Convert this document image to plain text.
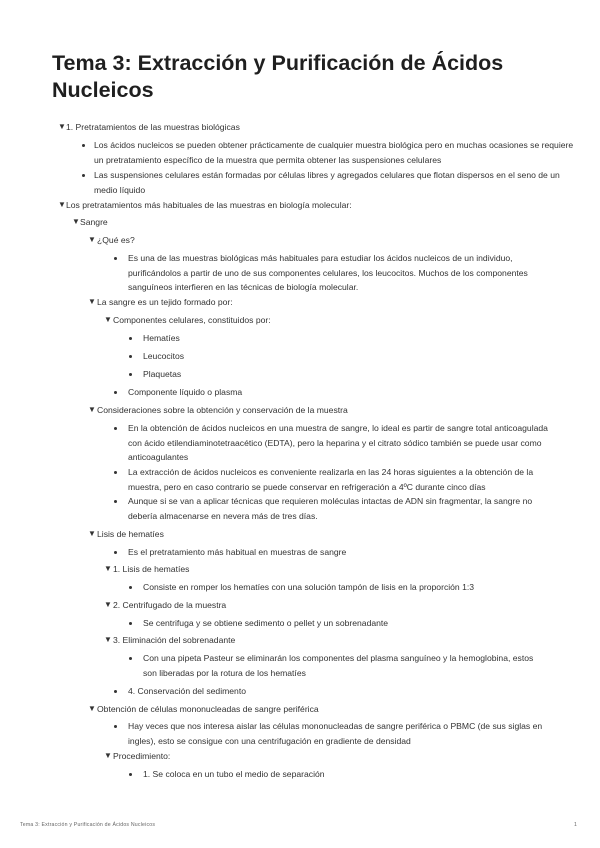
Tema 3: Extracción y Purificación de Ácidos Nucleicos
▼ 1. Pretratamientos de las muestras biológicas
Los ácidos nucleicos se pueden obtener prácticamente de cualquier muestra biológica pero en muchas ocasiones se requiere un pretratamiento específico de la muestra que permita obtener las suspensiones celulares
Las suspensiones celulares están formadas por células libres y agregados celulares que flotan dispersos en el seno de un medio líquido
▼ Los pretratamientos más habituales de las muestras en biología molecular:
▼ Sangre
▼ ¿Qué es?
Es una de las muestras biológicas más habituales para estudiar los ácidos nucleicos de un individuo, purificándolos a partir de uno de sus componentes celulares, los leucocitos. Muchos de los componentes sanguíneos interfieren en las técnicas de biología molecular.
▼ La sangre es un tejido formado por:
▼ Componentes celulares, constituidos por:
Hematíes
Leucocitos
Plaquetas
Componente líquido o plasma
▼ Consideraciones sobre la obtención y conservación de la muestra
En la obtención de ácidos nucleicos en una muestra de sangre, lo ideal es partir de sangre total anticoagulada con ácido etilendiaminotetraacético (EDTA), pero la heparina y el citrato sódico también se puede usar como anticoagulantes
La extracción de ácidos nucleicos es conveniente realizarla en las 24 horas siguientes a la obtención de la muestra, pero en caso contrario se puede conservar en refrigeración a 4ºC durante cinco días
Aunque si se van a aplicar técnicas que requieren moléculas intactas de ADN sin fragmentar, la sangre no debería almacenarse en nevera más de tres días.
▼ Lisis de hematíes
Es el pretratamiento más habitual en muestras de sangre
▼ 1. Lisis de hematíes
Consiste en romper los hematíes con una solución tampón de lisis en la proporción 1:3
▼ 2. Centrifugado de la muestra
Se centrifuga y se obtiene sedimento o pellet y un sobrenadante
▼ 3. Eliminación del sobrenadante
Con una pipeta Pasteur se eliminarán los componentes del plasma sanguíneo y la hemoglobina, estos son liberadas por la rotura de los hematíes
4. Conservación del sedimento
▼ Obtención de células mononucleadas de sangre periférica
Hay veces que nos interesa aislar las células mononucleadas de sangre periférica o PBMC (de sus siglas en ingles), esto se consigue con una centrifugación en gradiente de densidad
▼ Procedimiento:
1. Se coloca en un tubo el medio de separación
Tema 3: Extracción y Purificación de Ácidos Nucleicos	1
